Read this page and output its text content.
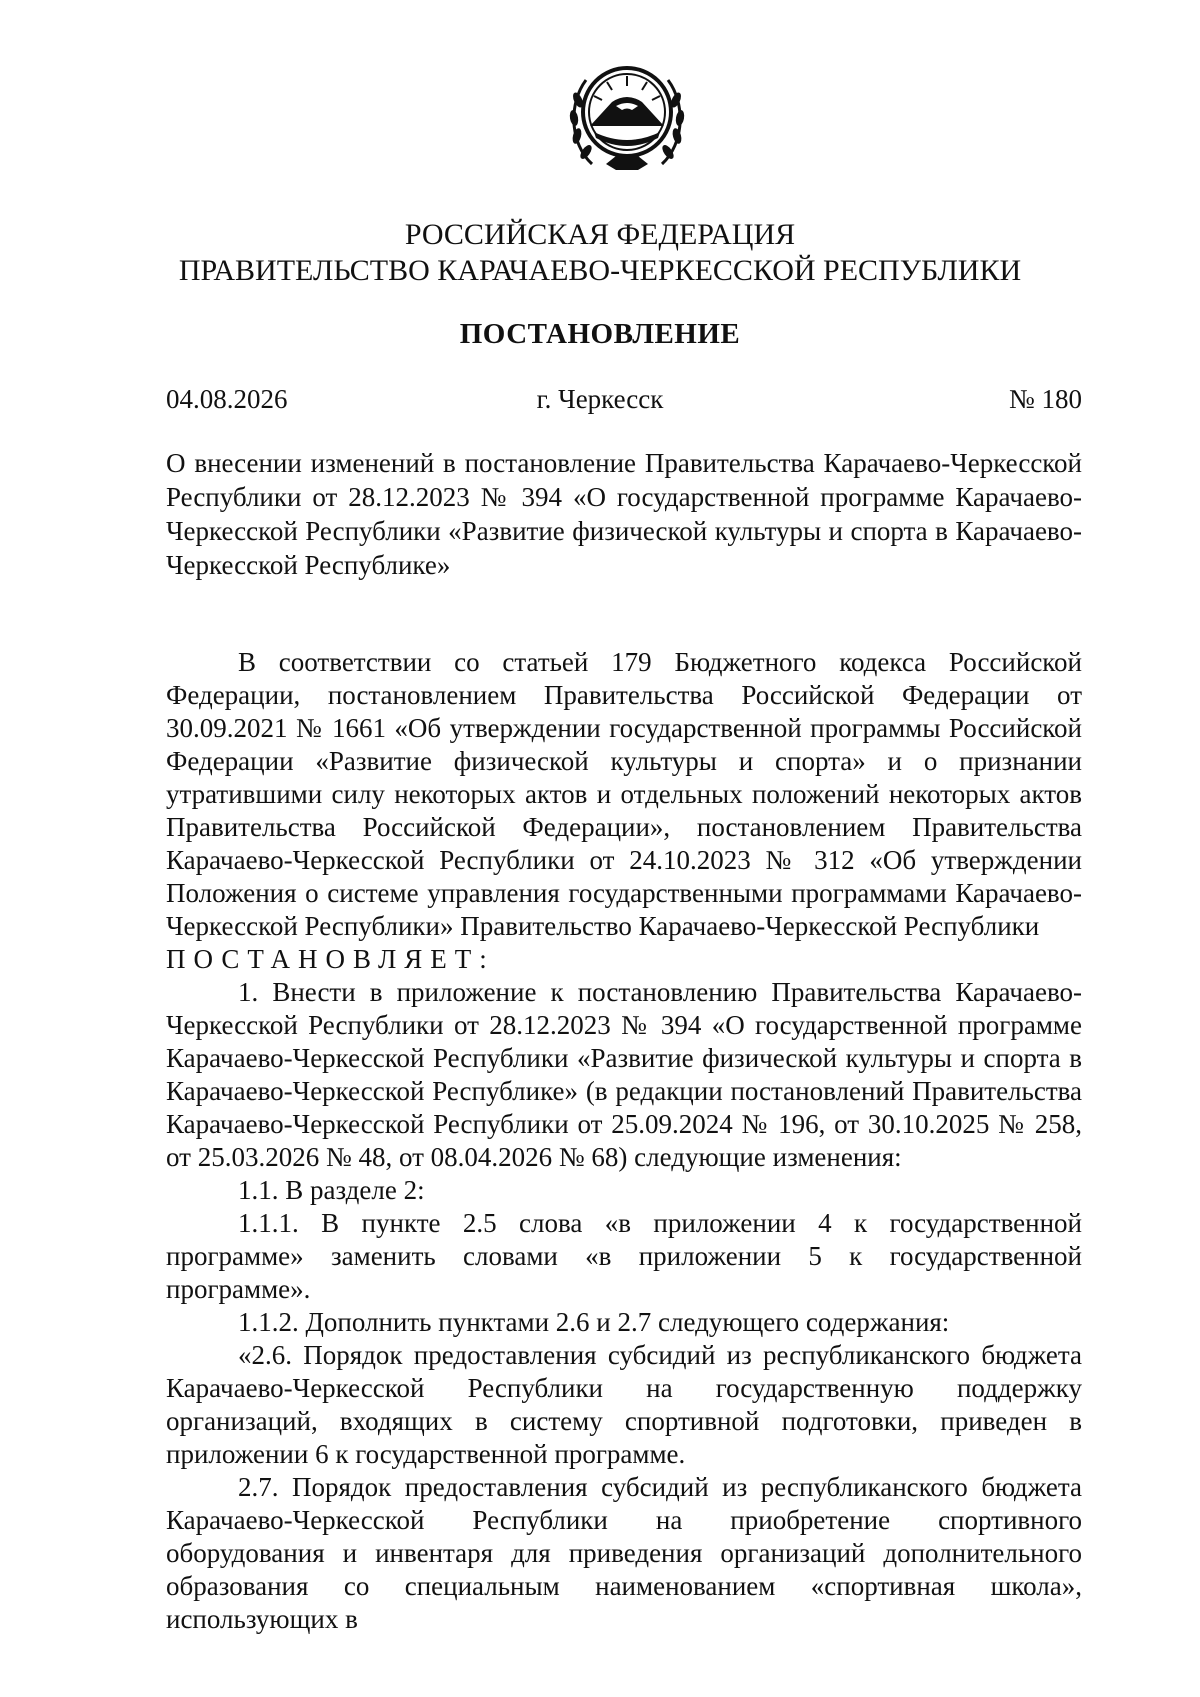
РОССИЙСКАЯ ФЕДЕРАЦИЯ
ПРАВИТЕЛЬСТВО КАРАЧАЕВО-ЧЕРКЕССКОЙ РЕСПУБЛИКИ
ПОСТАНОВЛЕНИЕ
04.08.2026	г. Черкесск	№ 180
О внесении изменений в постановление Правительства Карачаево-Черкесской Республики от 28.12.2023 № 394 «О государственной программе Карачаево-Черкесской Республики «Развитие физической культуры и спорта в Карачаево-Черкесской Республике»

В соответствии со статьей 179 Бюджетного кодекса Российской Федерации, постановлением Правительства Российской Федерации от 30.09.2021 № 1661 «Об утверждении государственной программы Российской Федерации «Развитие физической культуры и спорта» и о признании утратившими силу некоторых актов и отдельных положений некоторых актов Правительства Российской Федерации», постановлением Правительства Карачаево-Черкесской Республики от 24.10.2023 № 312 «Об утверждении Положения о системе управления государственными программами Карачаево-Черкесской Республики» Правительство Карачаево-Черкесской Республики

ПОСТАНОВЛЯЕТ:

1. Внести в приложение к постановлению Правительства Карачаево-Черкесской Республики от 28.12.2023 № 394 «О государственной программе Карачаево-Черкесской Республики «Развитие физической культуры и спорта в Карачаево-Черкесской Республике» (в редакции постановлений Правительства Карачаево-Черкесской Республики от 25.09.2024 № 196, от 30.10.2025 № 258, от 25.03.2026 № 48, от 08.04.2026 № 68) следующие изменения:

1.1. В разделе 2:

1.1.1. В пункте 2.5 слова «в приложении 4 к государственной программе» заменить словами «в приложении 5 к государственной программе».

1.1.2. Дополнить пунктами 2.6 и 2.7 следующего содержания:

«2.6. Порядок предоставления субсидий из республиканского бюджета Карачаево-Черкесской Республики на государственную поддержку организаций, входящих в систему спортивной подготовки, приведен в приложении 6 к государственной программе.

2.7. Порядок предоставления субсидий из республиканского бюджета Карачаево-Черкесской Республики на приобретение спортивного оборудования и инвентаря для приведения организаций дополнительного образования со специальным наименованием «спортивная школа», использующих в
